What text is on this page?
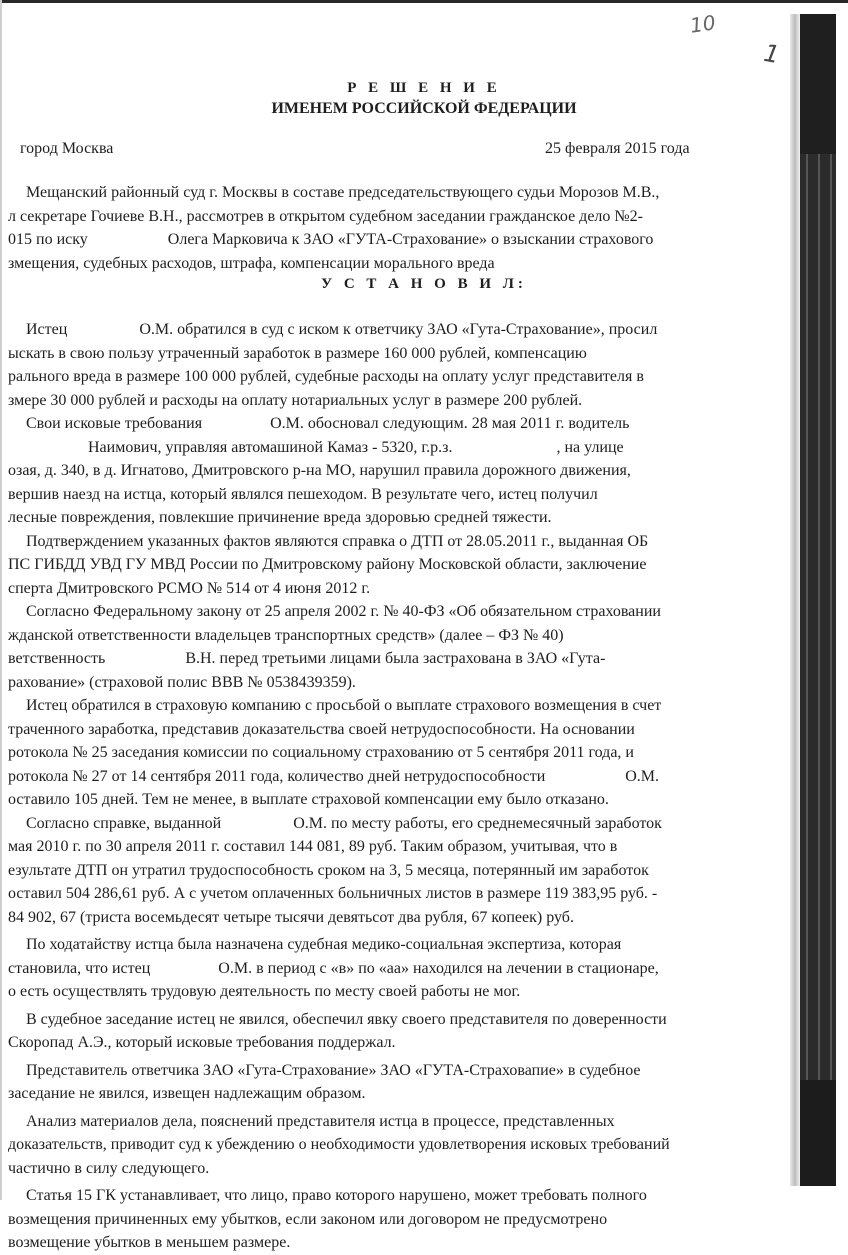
10
1
Р Е Ш Е Н И Е
ИМЕНЕМ РОССИЙСКОЙ ФЕДЕРАЦИИ
город Москва	25 февраля 2015 года

Мещанский районный суд г. Москвы в составе председательствующего судьи Морозов М.В.,

л секретаре Гочиеве В.Н., рассмотрев в открытом судебном заседании гражданское дело №2-

015 по иску                    Олега Марковича к ЗАО «ГУТА-Страхование» о взыскании страхового

змещения, судебных расходов, штрафа, компенсации морального вреда

У С Т А Н О В И Л:

Истец                  О.М. обратился в суд с иском к ответчику ЗАО «Гута-Страхование», просил

ыскать в свою пользу утраченный заработок в размере 160 000 рублей, компенсацию

рального вреда в размере 100 000 рублей, судебные расходы на оплату услуг представителя в

змере 30 000 рублей и расходы на оплату нотариальных услуг в размере 200 рублей.

Свои исковые требования                 О.М. обосновал следующим. 28 мая 2011 г. водитель

Наимович, управляя автомашиной Камаз - 5320, г.р.з.                          , на улице

озая, д. 340, в д. Игнатово, Дмитровского р-на МО, нарушил правила дорожного движения,

вершив наезд на истца, который являлся пешеходом. В результате чего, истец получил

лесные повреждения, повлекшие причинение вреда здоровью средней тяжести.

Подтверждением указанных фактов являются справка о ДТП от 28.05.2011 г., выданная ОБ

ПС ГИБДД УВД ГУ МВД России по Дмитровскому району Московской области, заключение

сперта Дмитровского РСМО № 514 от 4 июня 2012 г.

Согласно Федеральному закону от 25 апреля 2002 г. № 40-ФЗ «Об обязательном страховании

жданской ответственности владельцев транспортных средств» (далее – ФЗ № 40)

ветственность                    В.Н. перед третьими лицами была застрахована в ЗАО «Гута-

рахование» (страховой полис ВВВ № 0538439359).

Истец обратился в страховую компанию с просьбой о выплате страхового возмещения в счет

траченного заработка, представив доказательства своей нетрудоспособности. На основании

ротокола № 25 заседания комиссии по социальному страхованию от 5 сентября 2011 года, и

ротокола № 27 от 14 сентября 2011 года, количество дней нетрудоспособности                    О.М.

оставило 105 дней. Тем не менее, в выплате страховой компенсации ему было отказано.

Согласно справке, выданной                  О.М. по месту работы, его среднемесячный заработок

мая 2010 г. по 30 апреля 2011 г. составил 144 081, 89 руб. Таким образом, учитывая, что в

езультате ДТП он утратил трудоспособность сроком на 3, 5 месяца, потерянный им заработок

оставил 504 286,61 руб. А с учетом оплаченных больничных листов в размере 119 383,95 руб. -

84 902, 67 (триста восемьдесят четыре тысячи девятьсот два рубля, 67 копеек) руб.

По ходатайству истца была назначена судебная медико-социальная экспертиза, которая

становила, что истец                 О.М. в период с «в» по «аа» находился на лечении в стационаре,

о есть осуществлять трудовую деятельность по месту своей работы не мог.

В судебное заседание истец не явился, обеспечил явку своего представителя по доверенности

Скоропад А.Э., который исковые требования поддержал.

Представитель ответчика ЗАО «Гута-Страхование» ЗАО «ГУТА-Страховапие» в судебное

заседание не явился, извещен надлежащим образом.

Анализ материалов дела, пояснений представителя истца в процессе, представленных

доказательств, приводит суд к убеждению о необходимости удовлетворения исковых требований

частично в силу следующего.

Статья 15 ГК устанавливает, что лицо, право которого нарушено, может требовать полного

возмещения причиненных ему убытков, если законом или договором не предусмотрено

возмещение убытков в меньшем размере.
